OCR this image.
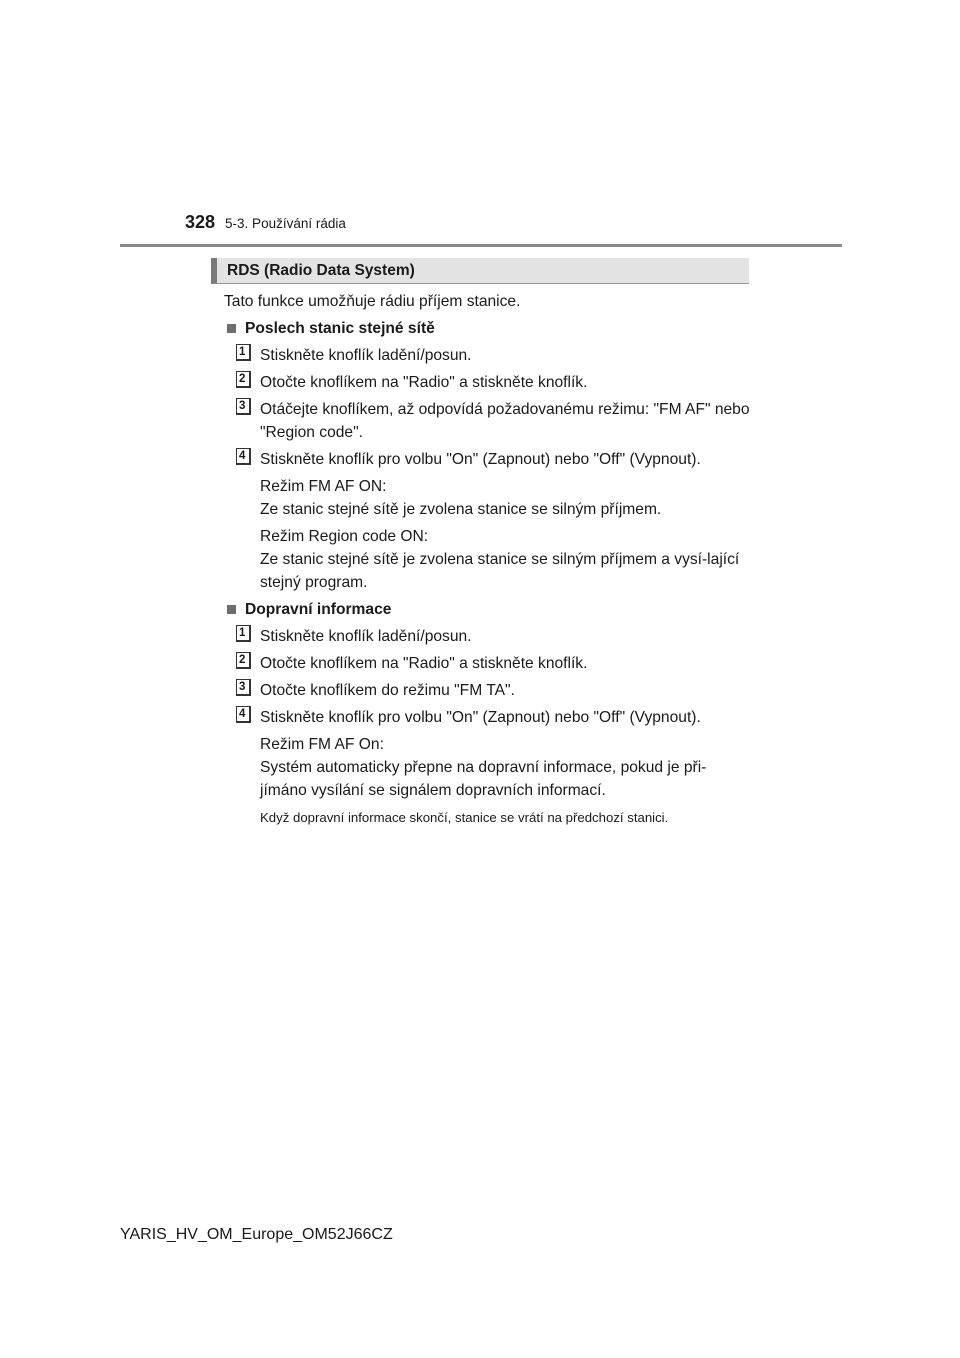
328 5-3. Používání rádia
RDS (Radio Data System)

Tato funkce umožňuje rádiu příjem stanice.

Poslech stanic stejné sítě
1 Stiskněte knoflík ladění/posun.
2 Otočte knoflíkem na "Radio" a stiskněte knoflík.
3 Otáčejte knoflíkem, až odpovídá požadovanému režimu: "FM AF" nebo "Region code".
4 Stiskněte knoflík pro volbu "On" (Zapnout) nebo "Off" (Vypnout).
Režim FM AF ON:
Ze stanic stejné sítě je zvolena stanice se silným příjmem.
Režim Region code ON:
Ze stanic stejné sítě je zvolena stanice se silným příjmem a vysí-lající stejný program.
Dopravní informace
1 Stiskněte knoflík ladění/posun.
2 Otočte knoflíkem na "Radio" a stiskněte knoflík.
3 Otočte knoflíkem do režimu "FM TA".
4 Stiskněte knoflík pro volbu "On" (Zapnout) nebo "Off" (Vypnout).
Režim FM AF On:
Systém automaticky přepne na dopravní informace, pokud je při-jímáno vysílání se signálem dopravních informací.
Když dopravní informace skončí, stanice se vrátí na předchozí stanici.
YARIS_HV_OM_Europe_OM52J66CZ
